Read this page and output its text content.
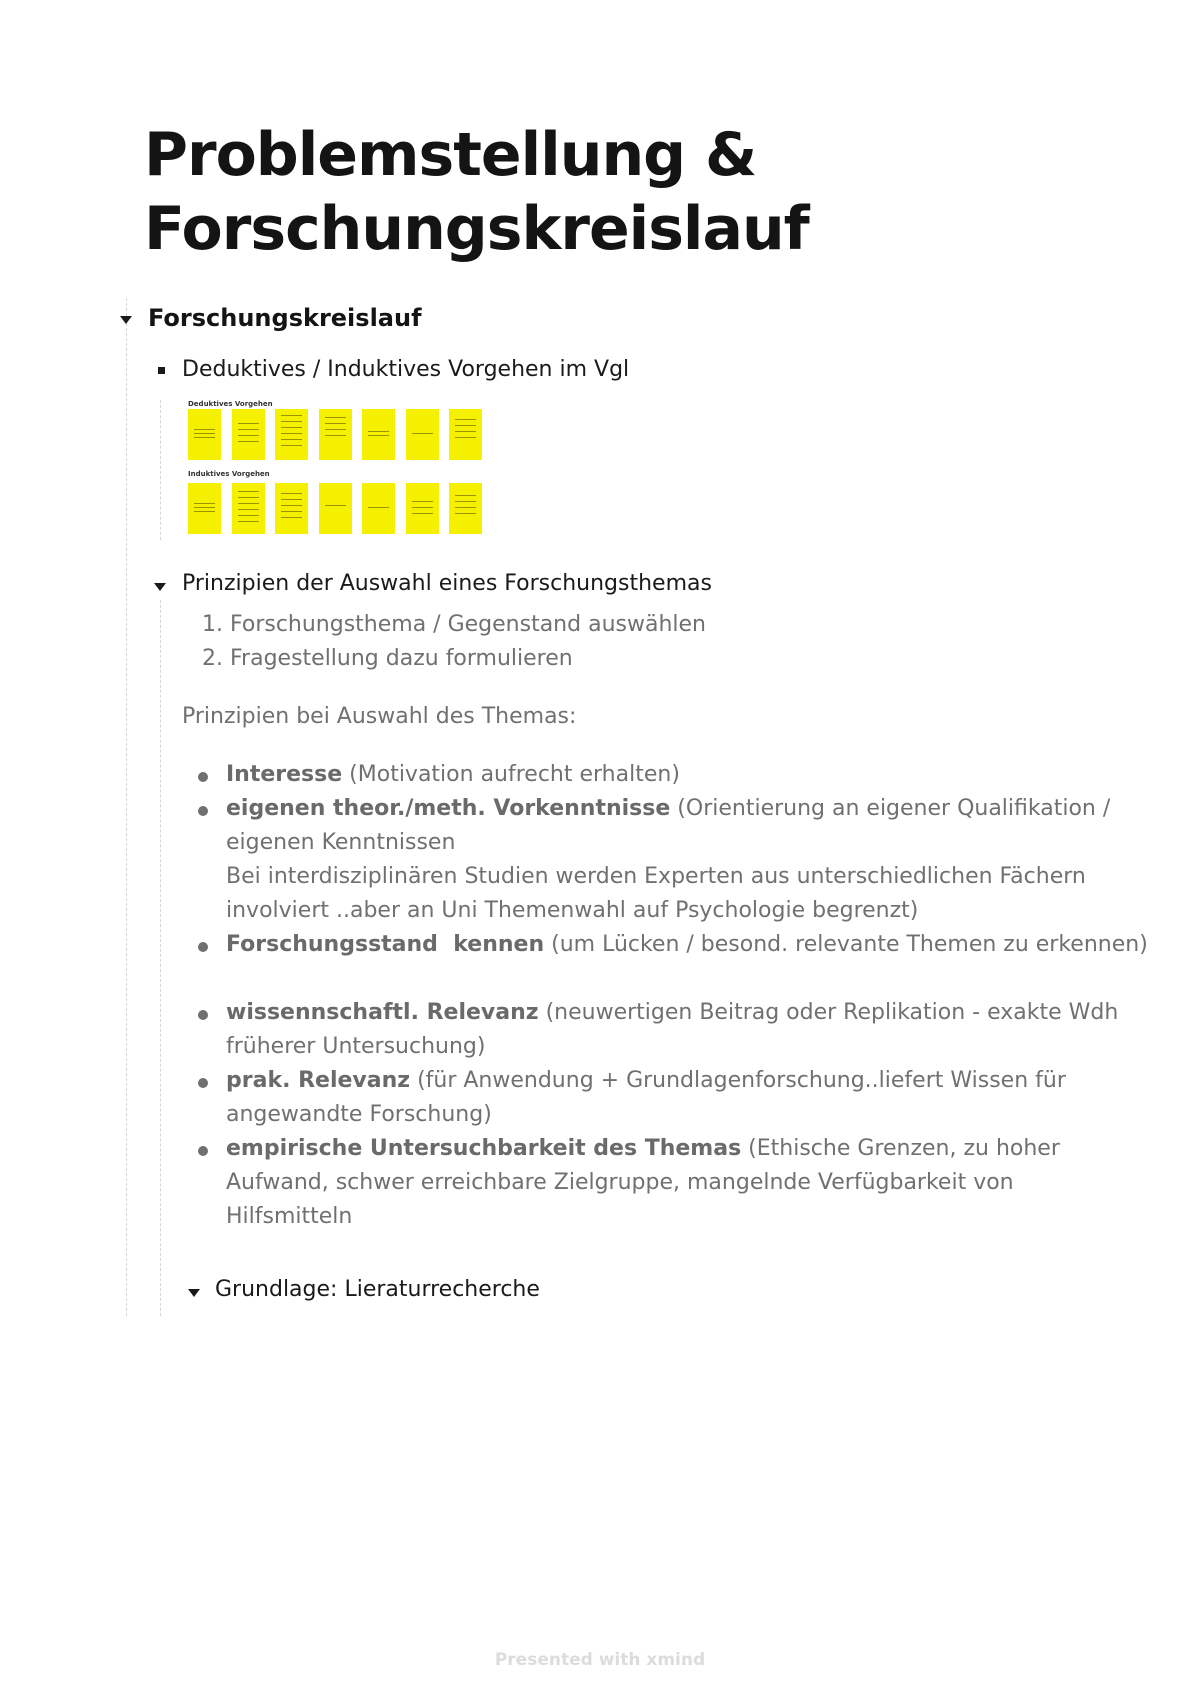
Problemstellung &
Forschungskreislauf
Forschungskreislauf
Deduktives / Induktives Vorgehen im Vgl
Deduktives Vorgehen
Induktives Vorgehen
Prinzipien der Auswahl eines Forschungsthemas
1. Forschungsthema / Gegenstand auswählen
2. Fragestellung dazu formulieren
Prinzipien bei Auswahl des Themas:
Interesse (Motivation aufrecht erhalten)
eigenen theor./meth. Vorkenntnisse (Orientierung an eigener Qualifikation /
eigenen Kenntnissen
Bei interdisziplinären Studien werden Experten aus unterschiedlichen Fächern
involviert ..aber an Uni Themenwahl auf Psychologie begrenzt)
Forschungsstand  kennen (um Lücken / besond. relevante Themen zu erkennen)
wissennschaftl. Relevanz (neuwertigen Beitrag oder Replikation - exakte Wdh
früherer Untersuchung)
prak. Relevanz (für Anwendung + Grundlagenforschung..liefert Wissen für
angewandte Forschung)
empirische Untersuchbarkeit des Themas (Ethische Grenzen, zu hoher
Aufwand, schwer erreichbare Zielgruppe, mangelnde Verfügbarkeit von
Hilfsmitteln
Grundlage: Lieraturrecherche
Presented with xmind
